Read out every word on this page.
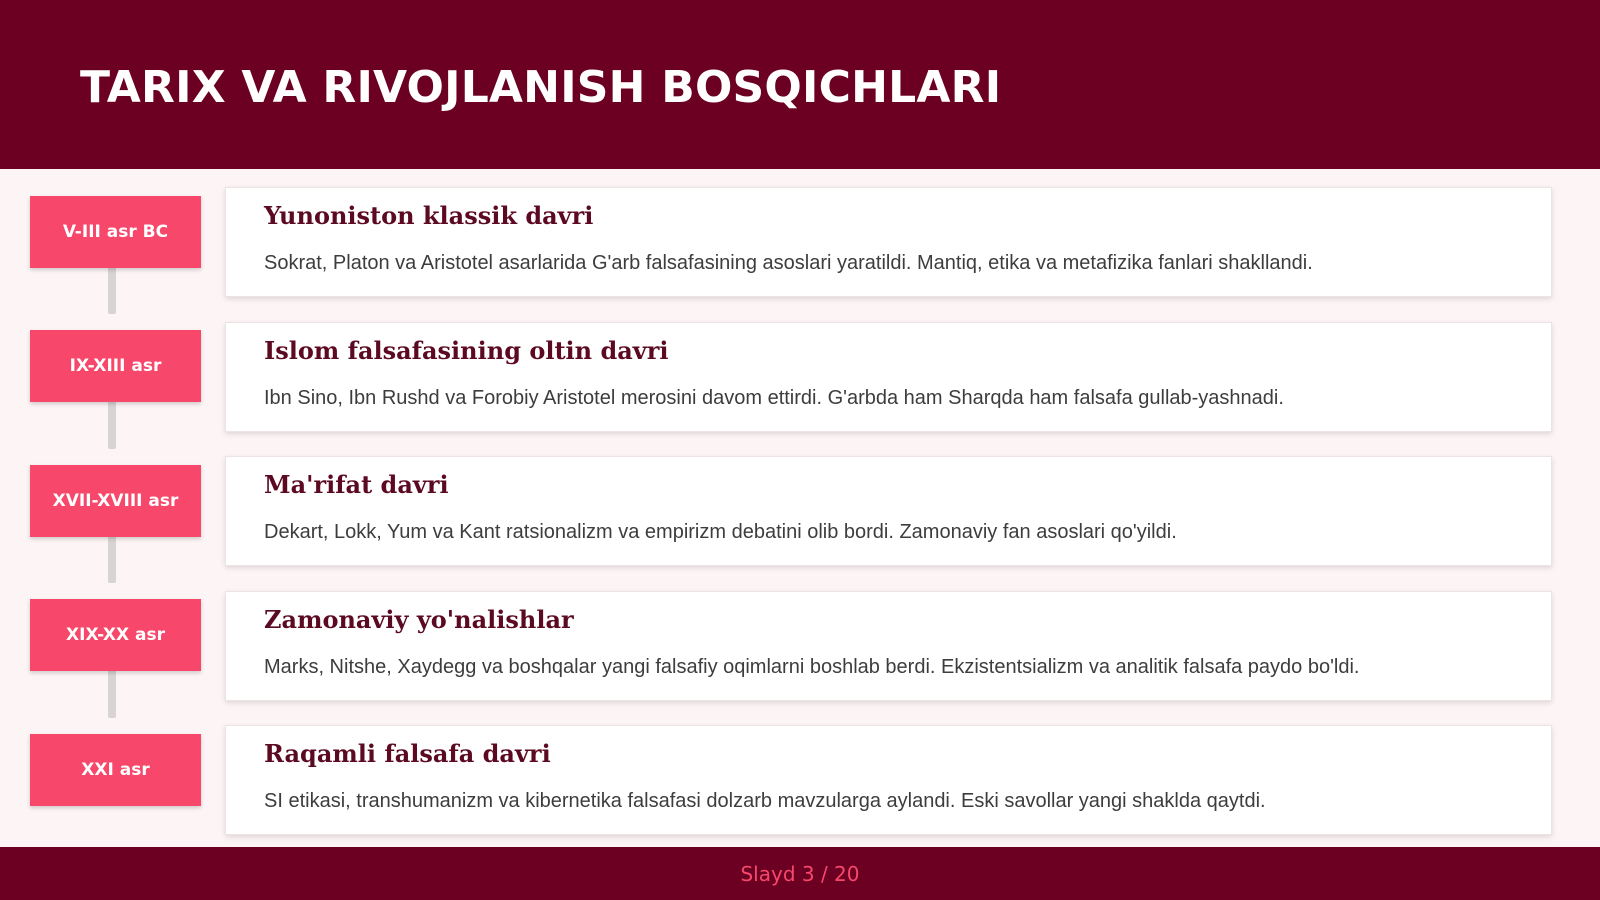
TARIX VA RIVOJLANISH BOSQICHLARI
V-III asr BC
Yunoniston klassik davri
Sokrat, Platon va Aristotel asarlarida G'arb falsafasining asoslari yaratildi. Mantiq, etika va metafizika fanlari shakllandi.
IX-XIII asr
Islom falsafasining oltin davri
Ibn Sino, Ibn Rushd va Forobiy Aristotel merosini davom ettirdi. G'arbda ham Sharqda ham falsafa gullab-yashnadi.
XVII-XVIII asr
Ma'rifat davri
Dekart, Lokk, Yum va Kant ratsionalizm va empirizm debatini olib bordi. Zamonaviy fan asoslari qo'yildi.
XIX-XX asr
Zamonaviy yo'nalishlar
Marks, Nitshe, Xaydegg va boshqalar yangi falsafiy oqimlarni boshlab berdi. Ekzistentsializm va analitik falsafa paydo bo'ldi.
XXI asr
Raqamli falsafa davri
SI etikasi, transhumanizm va kibernetika falsafasi dolzarb mavzularga aylandi. Eski savollar yangi shaklda qaytdi.
Slayd 3 / 20
